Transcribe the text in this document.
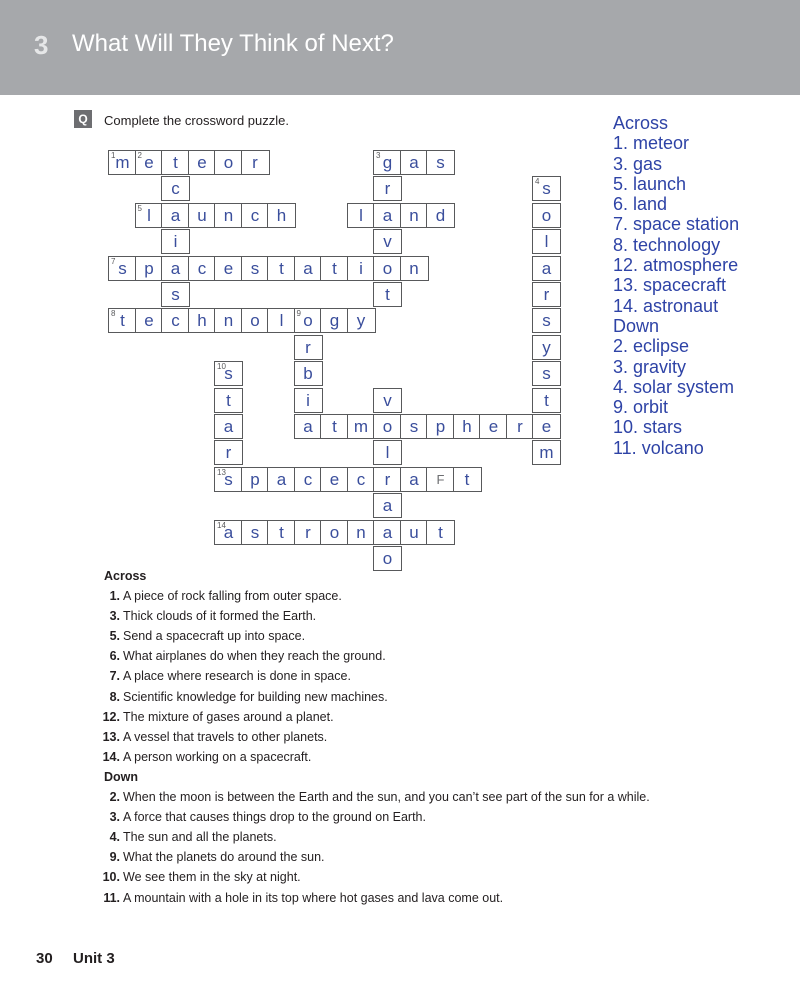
3 What Will They Think of Next?
Q	Complete the crossword puzzle.
1 m 2 e	t	e	o	r	3 g	a	s
c	r	4 s
5 l	a	u	n	c	h	l	a	n	d	o
i	v	l
7 s	p	a	c	e	s	t	a	t	i	o	n	a
s	t	r
8 t	e	c	h	n	o	l	9 o	g	y	s
r	y
10
s	b	s
t	i	v	t
a	a	t	m o	s	p	h	e	r	e
r	l	m
13
s	p	a	c	e	c	r	a	F	t
a
14
a	s	t	r	o	n	a	u	t
o
Across
1. meteor
3. gas
5. launch
6. land
7. space station
8. technology
12. atmosphere
13. spacecraft
14. astronaut
Down
2. eclipse
3. gravity
4. solar system
9. orbit
10. stars
11. volcano
Across
1. A piece of rock falling from outer space.
3. Thick clouds of it formed the Earth.
5. Send a spacecraft up into space.
6. What airplanes do when they reach the ground.
7. A place where research is done in space.
8. Scientific knowledge for building new machines.
12. The mixture of gases around a planet.
13. A vessel that travels to other planets.
14. A person working on a spacecraft.
Down
2. When the moon is between the Earth and the sun, and you can’t see part of the sun for a while.
3. A force that causes things drop to the ground on Earth.
4. The sun and all the planets.
9. What the planets do around the sun.
10. We see them in the sky at night.
11. A mountain with a hole in its top where hot gases and lava come out.
30 Unit 3
